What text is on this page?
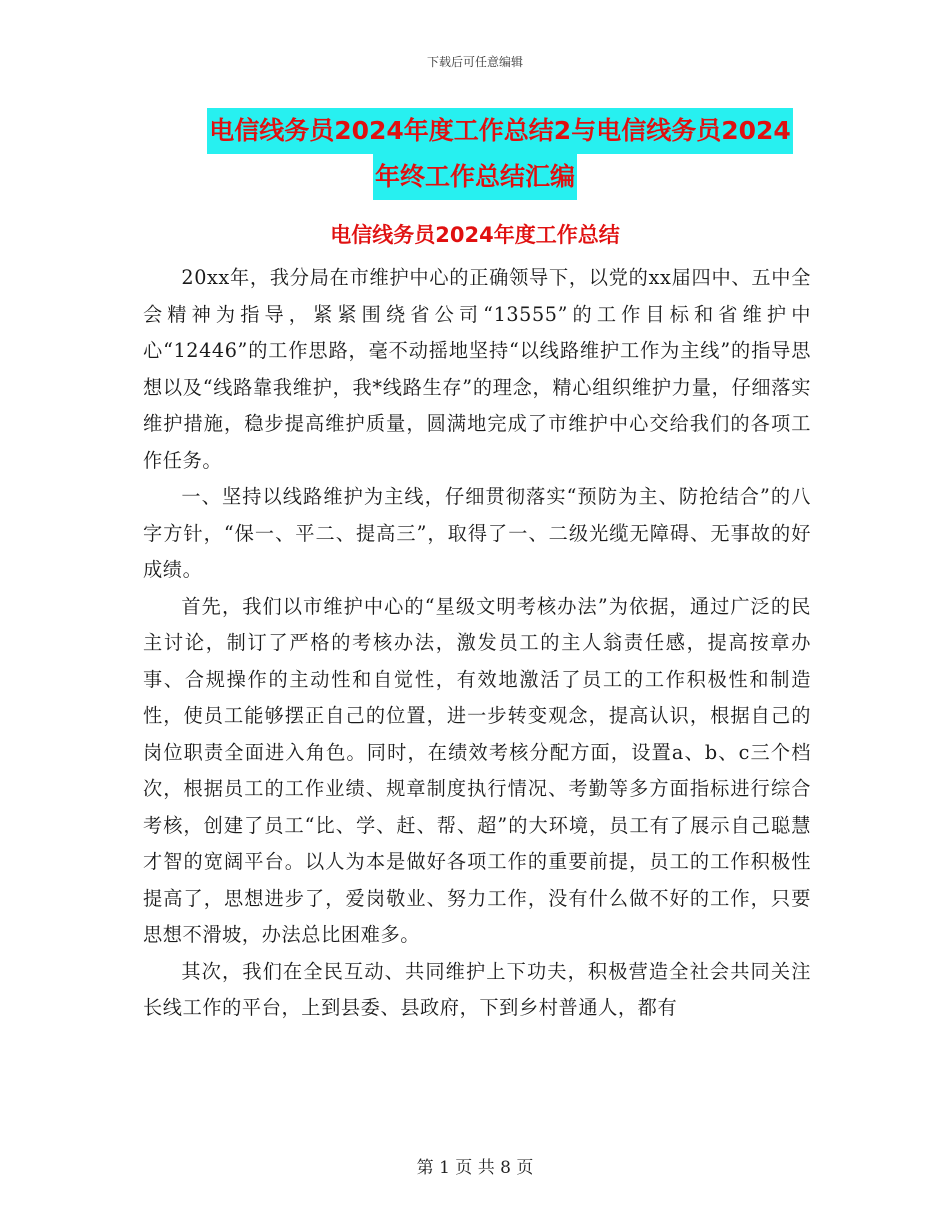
下载后可任意编辑
电信线务员2024年度工作总结2与电信线务员2024
年终工作总结汇编
电信线务员2024年度工作总结

20xx年，我分局在市维护中心的正确领导下，以党的xx届四中、五中全会精神为指导，紧紧围绕省公司“13555”的工作目标和省维护中心“12446”的工作思路，毫不动摇地坚持“以线路维护工作为主线”的指导思想以及“线路靠我维护，我*线路生存”的理念，精心组织维护力量，仔细落实维护措施，稳步提高维护质量，圆满地完成了市维护中心交给我们的各项工作任务。

一、坚持以线路维护为主线，仔细贯彻落实“预防为主、防抢结合”的八字方针，“保一、平二、提高三”，取得了一、二级光缆无障碍、无事故的好成绩。

首先，我们以市维护中心的“星级文明考核办法”为依据，通过广泛的民主讨论，制订了严格的考核办法，激发员工的主人翁责任感，提高按章办事、合规操作的主动性和自觉性，有效地激活了员工的工作积极性和制造性，使员工能够摆正自己的位置，进一步转变观念，提高认识，根据自己的岗位职责全面进入角色。同时，在绩效考核分配方面，设置a、b、c三个档次，根据员工的工作业绩、规章制度执行情况、考勤等多方面指标进行综合考核，创建了员工“比、学、赶、帮、超”的大环境，员工有了展示自己聪慧才智的宽阔平台。以人为本是做好各项工作的重要前提，员工的工作积极性提高了，思想进步了，爱岗敬业、努力工作，没有什么做不好的工作，只要思想不滑坡，办法总比困难多。

其次，我们在全民互动、共同维护上下功夫，积极营造全社会共同关注长线工作的平台，上到县委、县政府，下到乡村普通人，都有

第 1 页 共 8 页
